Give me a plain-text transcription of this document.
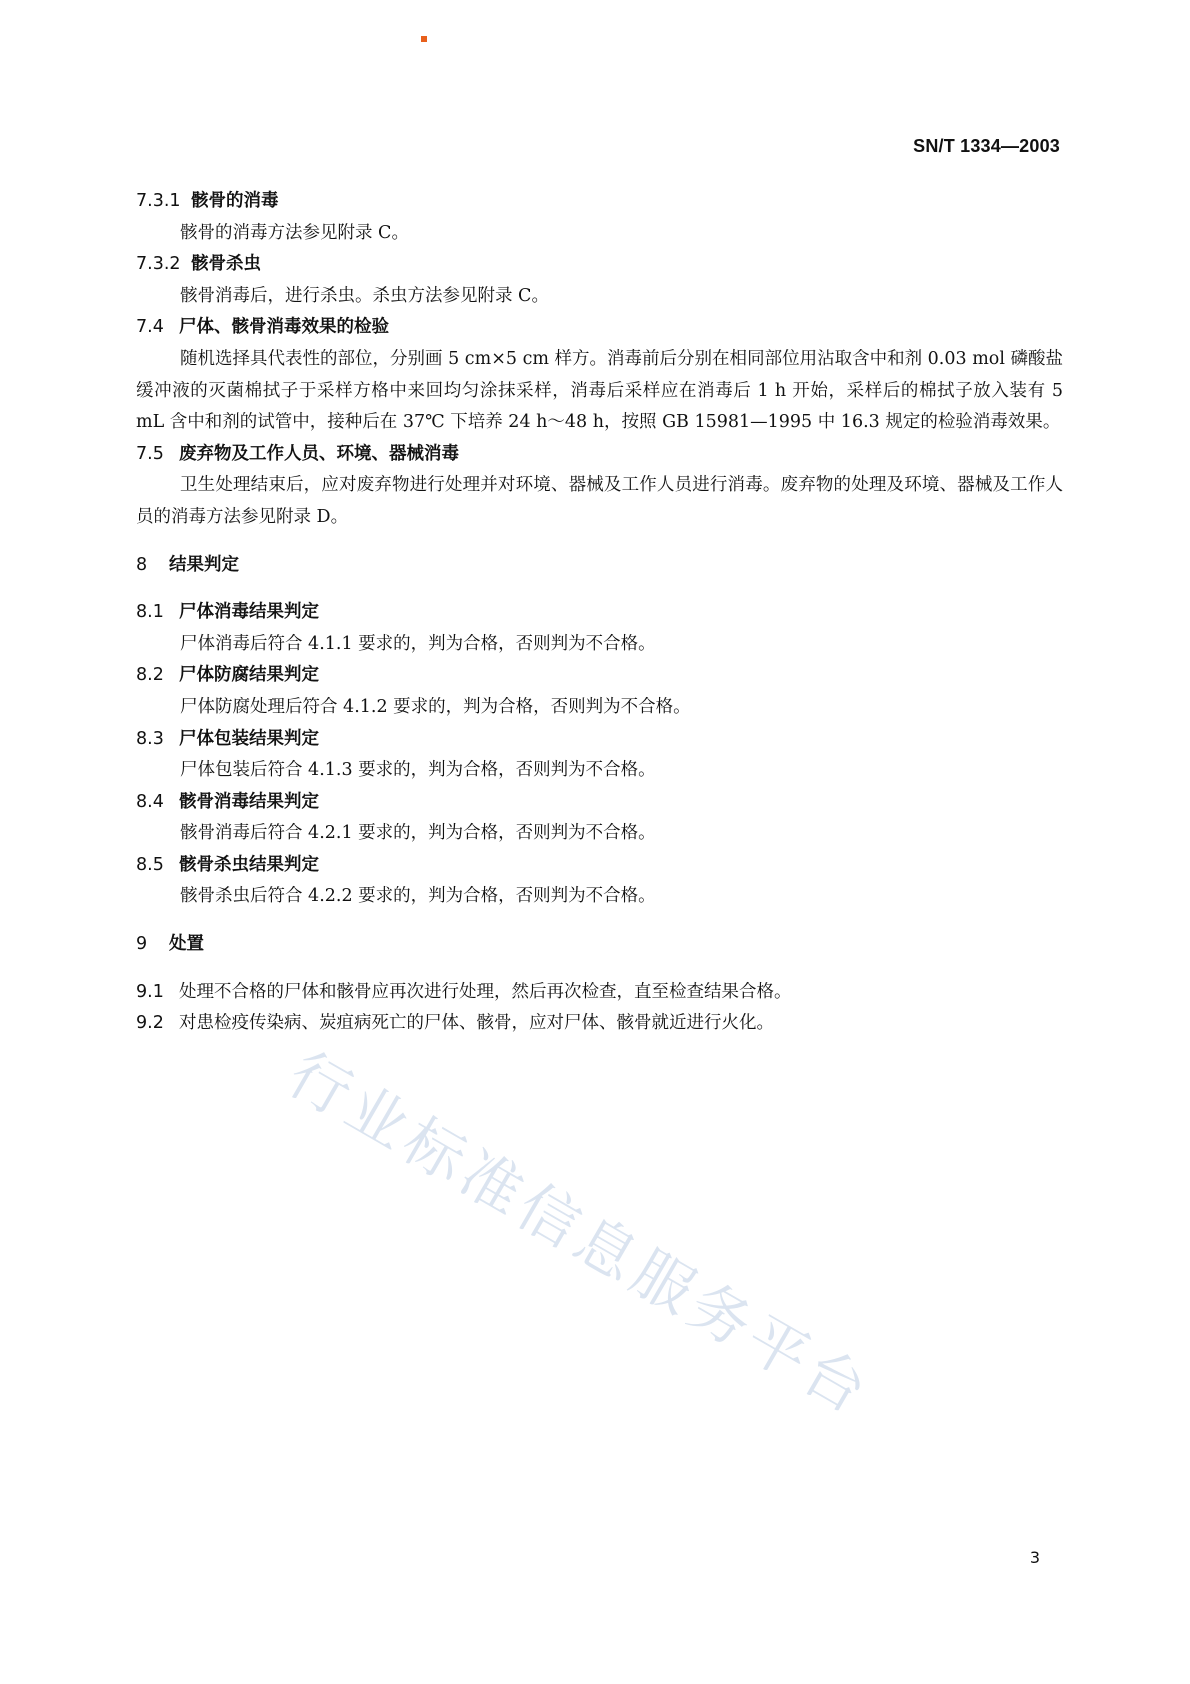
SN/T 1334—2003
7.3.1 骸骨的消毒
骸骨的消毒方法参见附录 C。
7.3.2 骸骨杀虫
骸骨消毒后，进行杀虫。杀虫方法参见附录 C。
7.4 尸体、骸骨消毒效果的检验
随机选择具代表性的部位，分别画 5 cm×5 cm 样方。消毒前后分别在相同部位用沾取含中和剂 0.03 mol 磷酸盐缓冲液的灭菌棉拭子于采样方格中来回均匀涂抹采样，消毒后采样应在消毒后 1 h 开始，采样后的棉拭子放入装有 5 mL 含中和剂的试管中，接种后在 37℃ 下培养 24 h～48 h，按照 GB 15981—1995 中 16.3 规定的检验消毒效果。
7.5 废弃物及工作人员、环境、器械消毒
卫生处理结束后，应对废弃物进行处理并对环境、器械及工作人员进行消毒。废弃物的处理及环境、器械及工作人员的消毒方法参见附录 D。
8 结果判定
8.1 尸体消毒结果判定
尸体消毒后符合 4.1.1 要求的，判为合格，否则判为不合格。
8.2 尸体防腐结果判定
尸体防腐处理后符合 4.1.2 要求的，判为合格，否则判为不合格。
8.3 尸体包装结果判定
尸体包装后符合 4.1.3 要求的，判为合格，否则判为不合格。
8.4 骸骨消毒结果判定
骸骨消毒后符合 4.2.1 要求的，判为合格，否则判为不合格。
8.5 骸骨杀虫结果判定
骸骨杀虫后符合 4.2.2 要求的，判为合格，否则判为不合格。
9 处置
9.1 处理不合格的尸体和骸骨应再次进行处理，然后再次检查，直至检查结果合格。
9.2 对患检疫传染病、炭疽病死亡的尸体、骸骨，应对尸体、骸骨就近进行火化。
行业标准信息服务平台
3
